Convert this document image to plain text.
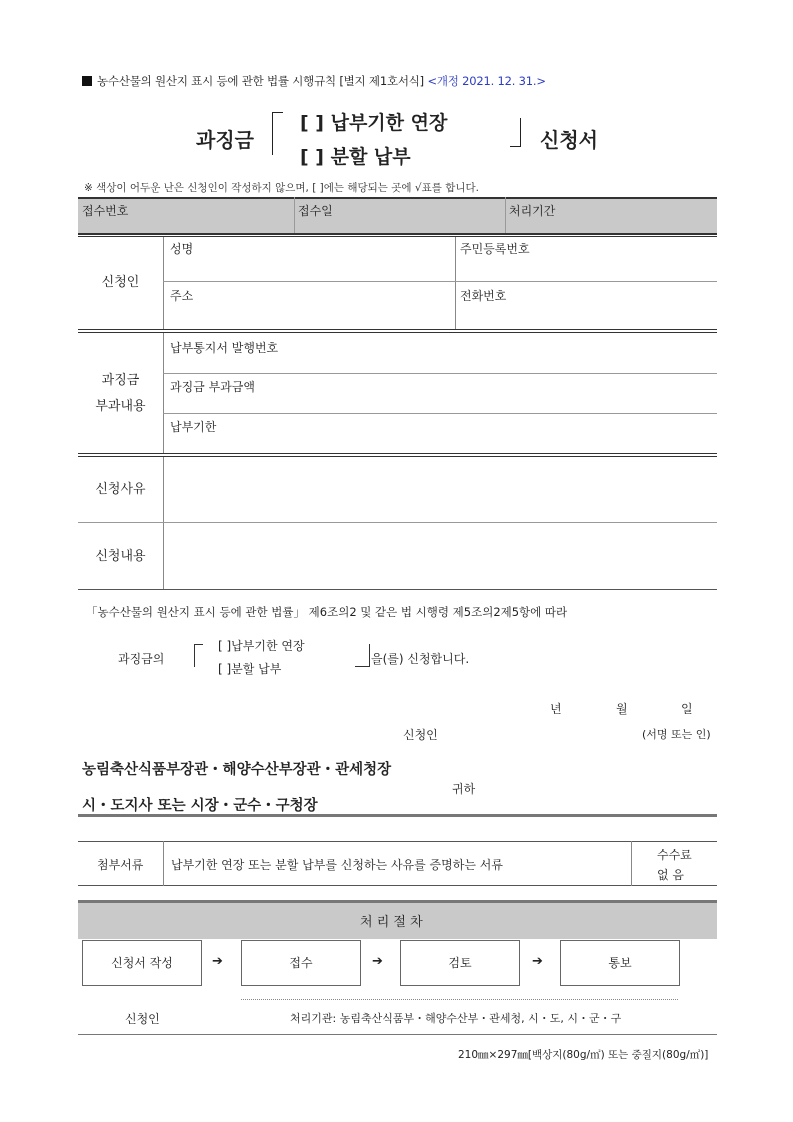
농수산물의 원산지 표시 등에 관한 법률 시행규칙 [별지 제1호서식] <개정 2021. 12. 31.>
과징금
[ ] 납부기한 연장
[ ] 분할 납부
신청서
※ 색상이 어두운 난은 신청인이 작성하지 않으며, [ ]에는 해당되는 곳에 √표를 합니다.
접수번호	접수일	처리기간
신청인
성명	주민등록번호
주소	전화번호
과징금
부과내용
납부통지서 발행번호
과징금 부과금액
납부기한
신청사유
신청내용
「농수산물의 원산지 표시 등에 관한 법률」 제6조의2 및 같은 법 시행령 제5조의2제5항에 따라
과징금의
[ ]납부기한 연장
[ ]분할 납부
을(를) 신청합니다.
년	월	일
신청인	(서명 또는 인)
농림축산식품부장관・해양수산부장관・관세청장
귀하
시・도지사 또는 시장・군수・구청장
첨부서류 납부기한 연장 또는 분할 납부를 신청하는 사유를 증명하는 서류
수수료
없 음
처 리 절 차
신청서 작성	➔	접수	➔	검토	➔	통보
신청인	처리기관: 농림축산식품부・해양수산부・관세청, 시・도, 시・군・구
210㎜×297㎜[백상지(80g/㎡) 또는 중질지(80g/㎡)]
